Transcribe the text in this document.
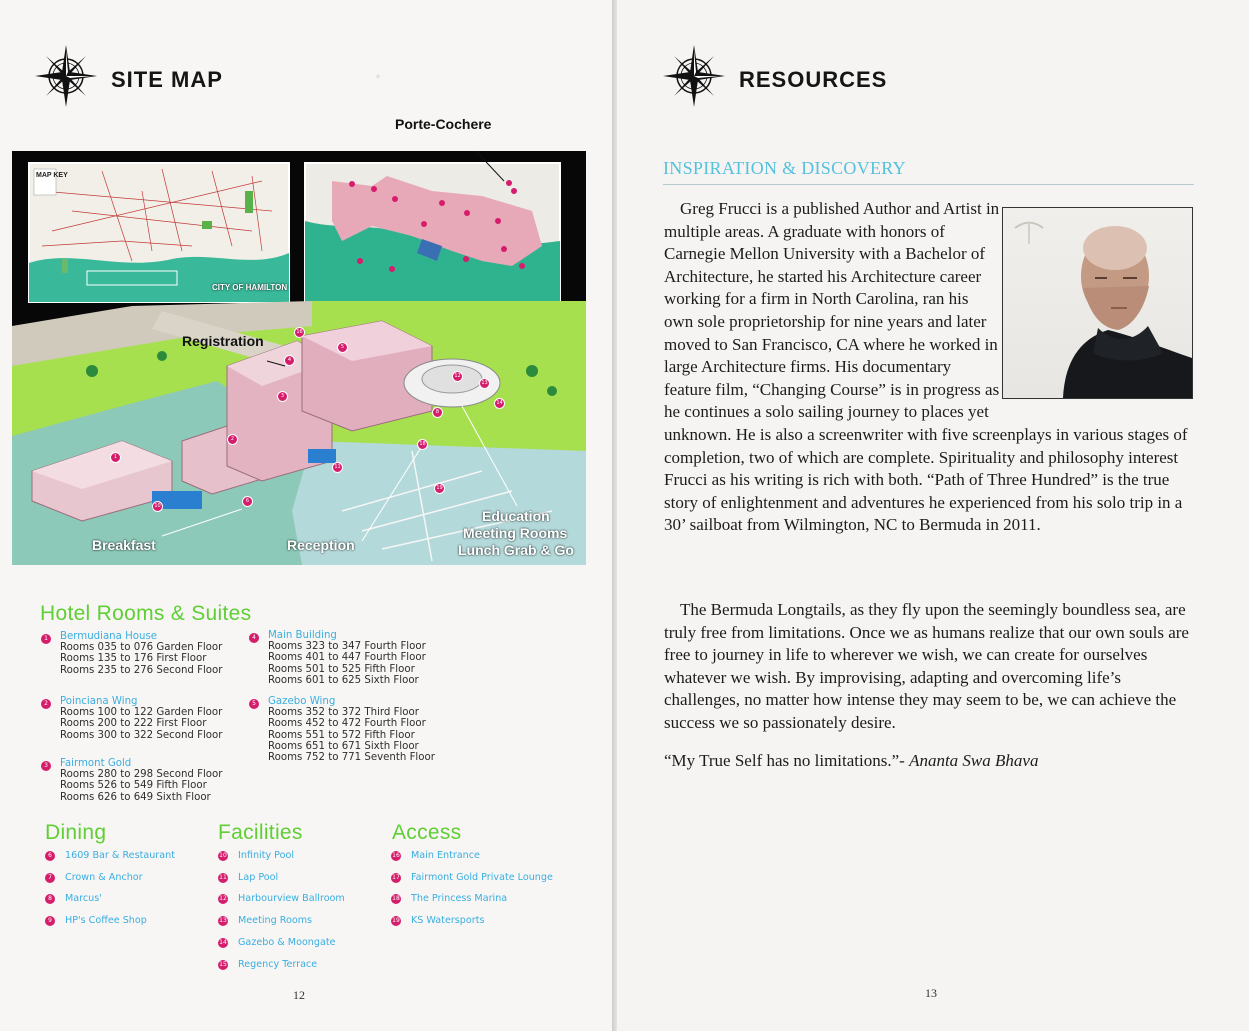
SITE MAP	·
1
2
3
4
5
16
12
13
14
8
18
19
10
11
6
Porte-Cochere
Registration
Breakfast	Reception
Education
Meeting Rooms
Lunch Grab & Go
CITY OF HAMILTON
MAP KEY
Hotel Rooms & Suites
1	Bermudiana House
Rooms 035 to 076 Garden Floor
Rooms 135 to 176 First Floor
Rooms 235 to 276 Second Floor
2	Poinciana Wing
Rooms 100 to 122 Garden Floor
Rooms 200 to 222 First Floor
Rooms 300 to 322 Second Floor
3	Fairmont Gold
Rooms 280 to 298 Second Floor
Rooms 526 to 549 Fifth Floor
Rooms 626 to 649 Sixth Floor
4	Main Building
Rooms 323 to 347 Fourth Floor
Rooms 401 to 447 Fourth Floor
Rooms 501 to 525 Fifth Floor
Rooms 601 to 625 Sixth Floor
5	Gazebo Wing
Rooms 352 to 372 Third Floor
Rooms 452 to 472 Fourth Floor
Rooms 551 to 572 Fifth Floor
Rooms 651 to 671 Sixth Floor
Rooms 752 to 771 Seventh Floor
Dining
6	1609 Bar & Restaurant
7	Crown & Anchor
8	Marcus'
9	HP's Coffee Shop
Facilities
10 Infinity Pool
11 Lap Pool
12 Harbourview Ballroom
13 Meeting Rooms
14 Gazebo & Moongate
15 Regency Terrace
Access
16 Main Entrance
17 Fairmont Gold Private Lounge
18 The Princess Marina
19 KS Watersports
12
RESOURCES
INSPIRATION & DISCOVERY
Greg Frucci is a published Author and Artist in multiple areas. A graduate with honors of Carnegie Mellon University with a Bachelor of Architecture, he started his Architecture career working for a firm in North Carolina, ran his own sole proprietorship for nine years and later moved to San Francisco, CA where he worked in large Architecture firms. His documentary feature film, “Changing Course” is in progress as he continues a solo sailing journey to places yet unknown. He is also a screenwriter with five screenplays in various stages of completion, two of which are complete. Spirituality and philosophy interest Frucci as his writing is rich with both. “Path of Three Hundred” is the true story of enlightenment and adventures he experienced from his solo trip in a 30’ sailboat from Wilmington, NC to Bermuda in 2011.
The Bermuda Longtails, as they fly upon the seemingly boundless sea, are truly free from limitations. Once we as humans realize that our own souls are free to journey in life to wherever we wish, we can create for ourselves whatever we wish. By improvising, adapting and overcoming life’s challenges, no matter how intense they may seem to be, we can achieve the success we so passionately desire.
“My True Self has no limitations.”- Ananta Swa Bhava
13
